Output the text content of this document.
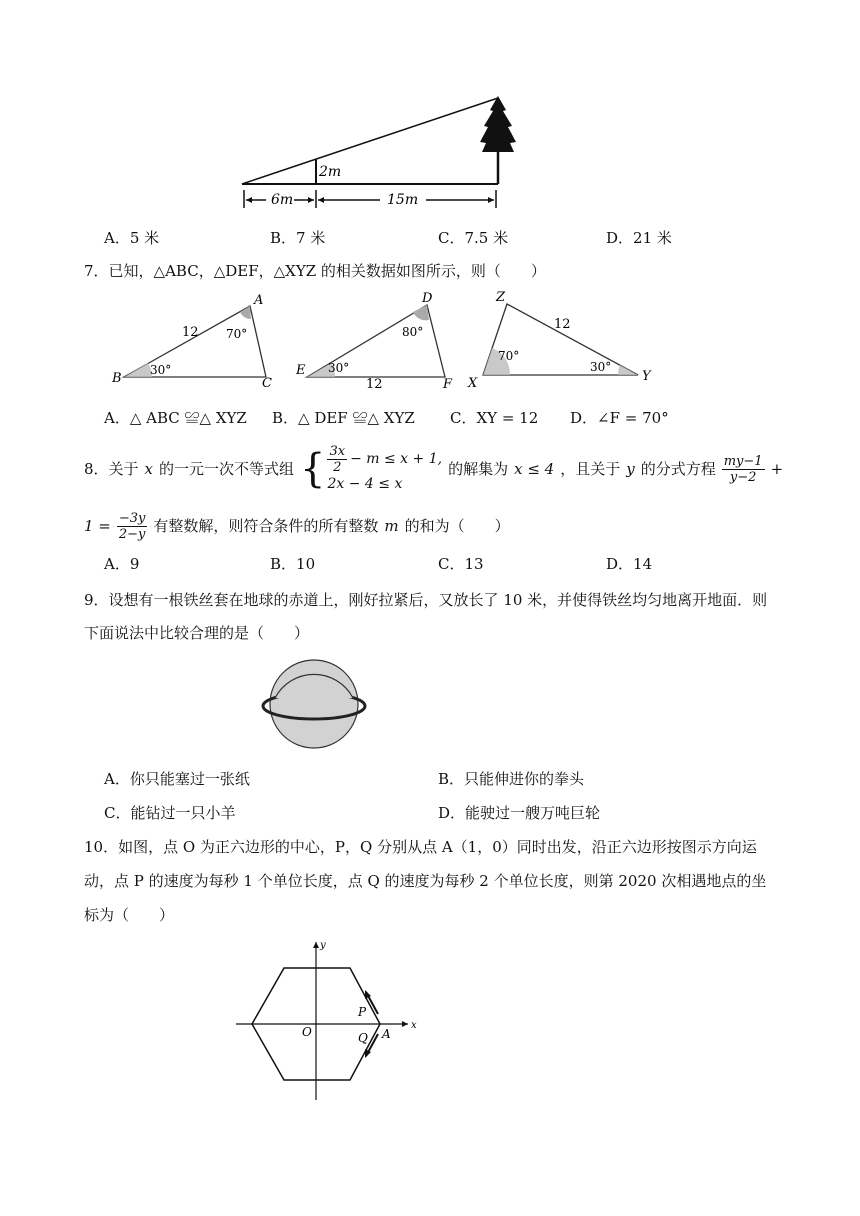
2m
6m	15m
A．5 米	B．7 米	C．7.5 米	D．21 米
7．已知，△ABC，△DEF，△XYZ 的相关数据如图所示，则（　　）
A
B	C
12 70°
30°
D
E
F
12
80°
30°
Z
X	Y
12
70°
30°
A．△ ABC ≌△ XYZ B．△ DEF ≌△ XYZ C．XY = 12 D．∠F = 70°
8．关于 x 的一元一次不等式组 { $\frac{3x}{2} - m \le x + 1$,
2x − 4 ≤ x
的解集为 x ≤ 4 ，且关于 y 的分式方程 $\frac{my-1}{y-2}$ +
$1 = \frac{-3y}{2-y}$ 有整数解，则符合条件的所有整数 m 的和为（　　）
A．9	B．10	C．13	D．14
9．设想有一根铁丝套在地球的赤道上，刚好拉紧后，又放长了 10 米，并使得铁丝均匀地离开地面．则
下面说法中比较合理的是（　　）
A．你只能塞过一张纸	B．只能伸进你的拳头
C．能钻过一只小羊	D．能驶过一艘万吨巨轮
10．如图，点 O 为正六边形的中心，P，Q 分别从点 A（1，0）同时出发，沿正六边形按图示方向运
动，点 P 的速度为每秒 1 个单位长度，点 Q 的速度为每秒 2 个单位长度，则第 2020 次相遇地点的坐
标为（　　）
x
y
O	A
P
Q
